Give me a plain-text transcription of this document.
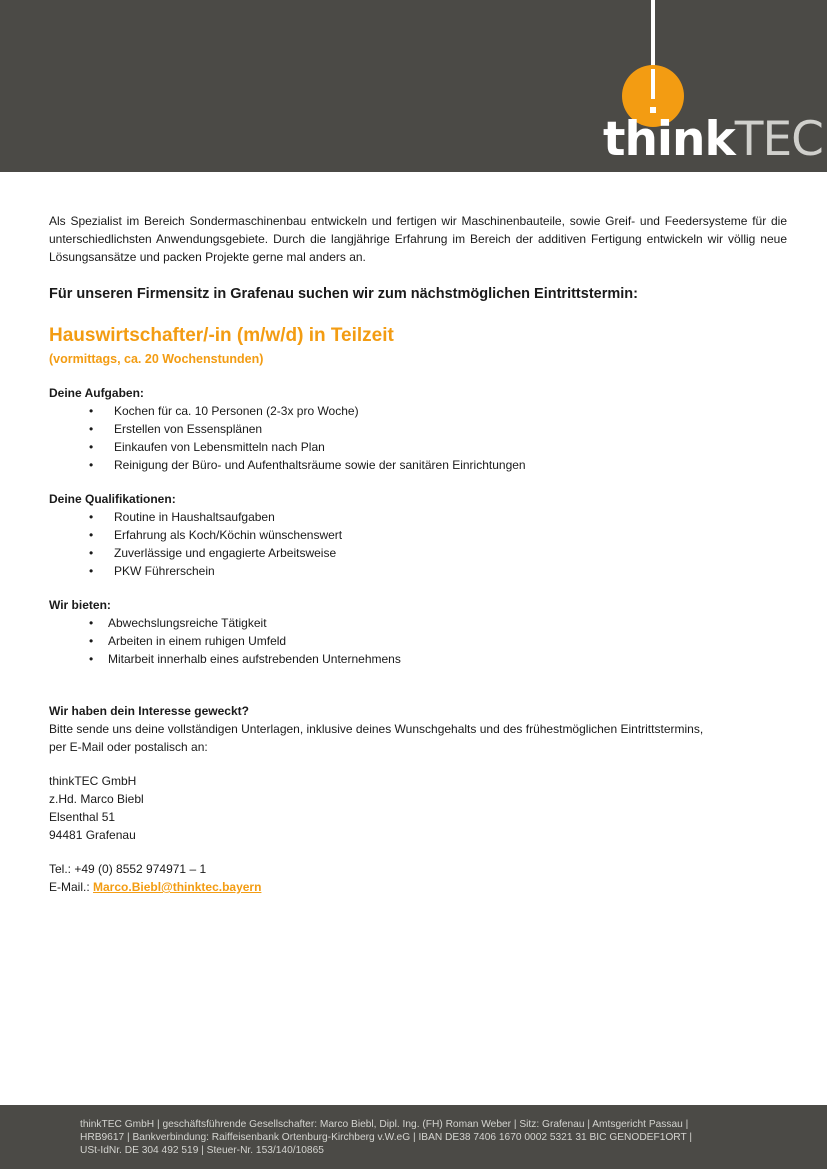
thinkTEC

Als Spezialist im Bereich Sondermaschinenbau entwickeln und fertigen wir Maschinenbauteile, sowie Greif- und Feedersysteme für die unterschiedlichsten Anwendungsgebiete. Durch die langjährige Erfahrung im Bereich der additiven Fertigung entwickeln wir völlig neue Lösungsansätze und packen Projekte gerne mal anders an.

Für unseren Firmensitz in Grafenau suchen wir zum nächstmöglichen Eintrittstermin:

Hauswirtschafter/-in (m/w/d) in Teilzeit

(vormittags, ca. 20 Wochenstunden)

Deine Aufgaben:

• Kochen für ca. 10 Personen (2-3x pro Woche)
• Erstellen von Essensplänen
• Einkaufen von Lebensmitteln nach Plan
• Reinigung der Büro- und Aufenthaltsräume sowie der sanitären Einrichtungen

Deine Qualifikationen:

• Routine in Haushaltsaufgaben
• Erfahrung als Koch/Köchin wünschenswert
• Zuverlässige und engagierte Arbeitsweise
• PKW Führerschein

Wir bieten:

• Abwechslungsreiche Tätigkeit
• Arbeiten in einem ruhigen Umfeld
• Mitarbeit innerhalb eines aufstrebenden Unternehmens

Wir haben dein Interesse geweckt?

Bitte sende uns deine vollständigen Unterlagen, inklusive deines Wunschgehalts und des frühestmöglichen Eintrittstermins,

per E-Mail oder postalisch an:

thinkTEC GmbH

z.Hd. Marco Biebl

Elsenthal 51

94481 Grafenau

Tel.: +49 (0) 8552 974971 – 1

E-Mail.: Marco.Biebl@thinktec.bayern

thinkTEC GmbH | geschäftsführende Gesellschafter: Marco Biebl, Dipl. Ing. (FH) Roman Weber | Sitz: Grafenau | Amtsgericht Passau |
HRB9617 | Bankverbindung: Raiffeisenbank Ortenburg-Kirchberg v.W.eG | IBAN DE38 7406 1670 0002 5321 31 BIC GENODEF1ORT |
USt-IdNr. DE 304 492 519 | Steuer-Nr. 153/140/10865
